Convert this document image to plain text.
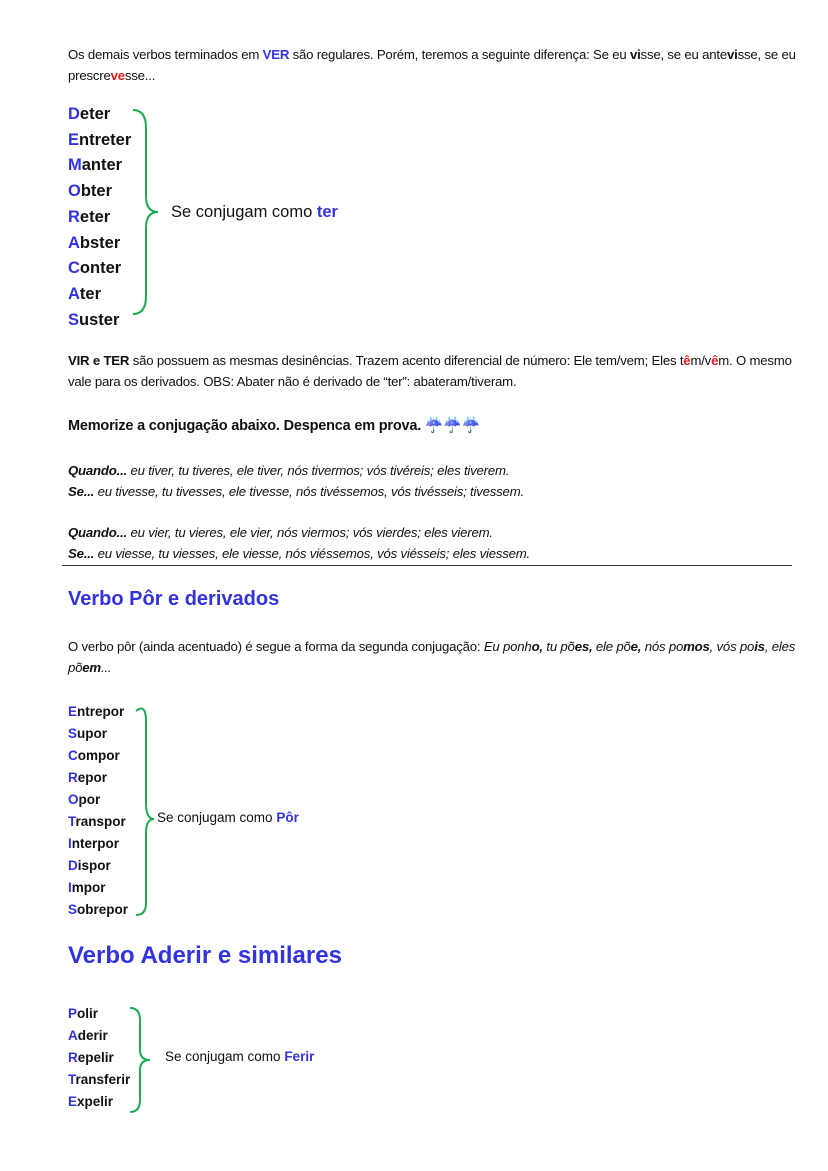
Os demais verbos terminados em VER são regulares. Porém, teremos a seguinte diferença: Se eu visse, se eu antevisse, se eu prescrevesse...
Deter
Entreter
Manter
Obter
Reter
Abster
Conter
Ater
Suster
Se conjugam como ter
VIR e TER são possuem as mesmas desinências. Trazem acento diferencial de número: Ele tem/vem; Eles têm/vêm. O mesmo vale para os derivados. OBS: Abater não é derivado de “ter”: abateram/tiveram.
Memorize a conjugação abaixo. Despenca em prova. ☔☔☔
Quando... eu tiver, tu tiveres, ele tiver, nós tivermos; vós tivéreis; eles tiverem.
Se... eu tivesse, tu tivesses, ele tivesse, nós tivéssemos, vós tivésseis; tivessem.
Quando... eu vier, tu vieres, ele vier, nós viermos; vós vierdes; eles vierem.
Se... eu viesse, tu viesses, ele viesse, nós viéssemos, vós viésseis; eles viessem.
Verbo Pôr e derivados
O verbo pôr (ainda acentuado) é segue a forma da segunda conjugação: Eu ponho, tu pões, ele põe, nós pomos, vós pois, eles põem...
Entrepor
Supor
Compor
Repor
Opor
Transpor
Interpor
Dispor
Impor
Sobrepor
Se conjugam como Pôr
Verbo Aderir e similares
Polir
Aderir
Repelir
Transferir
Expelir
Se conjugam como Ferir
